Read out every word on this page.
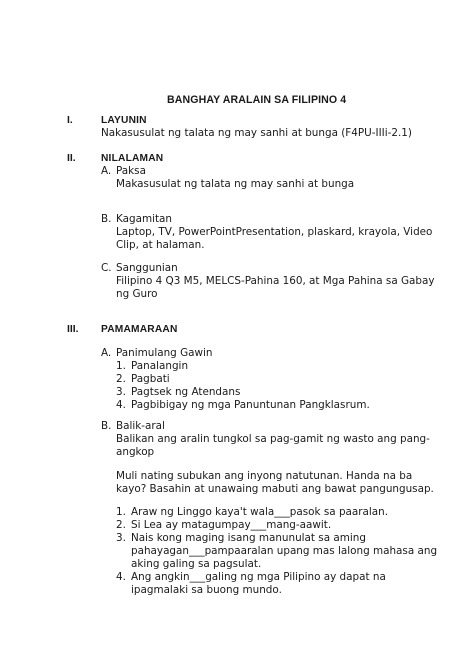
BANGHAY ARALAIN SA FILIPINO 4
I.	LAYUNIN
Nakasusulat ng talata ng may sanhi at bunga (F4PU-IIIi-2.1)
II. NILALAMAN
A. Paksa
Makasusulat ng talata ng may sanhi at bunga
B. Kagamitan
Laptop, TV, PowerPointPresentation, plaskard, krayola, Video
Clip, at halaman.
C. Sanggunian
Filipino 4 Q3 M5, MELCS-Pahina 160, at Mga Pahina sa Gabay
ng Guro
III. PAMAMARAAN
A. Panimulang Gawin
1. Panalangin
2. Pagbati
3. Pagtsek ng Atendans
4. Pagbibigay ng mga Panuntunan Pangklasrum.
B. Balik-aral
Balikan ang aralin tungkol sa pag-gamit ng wasto ang pang-
angkop
Muli nating subukan ang inyong natutunan. Handa na ba
kayo? Basahin at unawaing mabuti ang bawat pangungusap.
1. Araw ng Linggo kaya't wala___pasok sa paaralan.
2. Si Lea ay matagumpay___mang-aawit.
3. Nais kong maging isang manunulat sa aming
pahayagan___pampaaralan upang mas lalong mahasa ang
aking galing sa pagsulat.
4. Ang angkin___galing ng mga Pilipino ay dapat na
ipagmalaki sa buong mundo.
